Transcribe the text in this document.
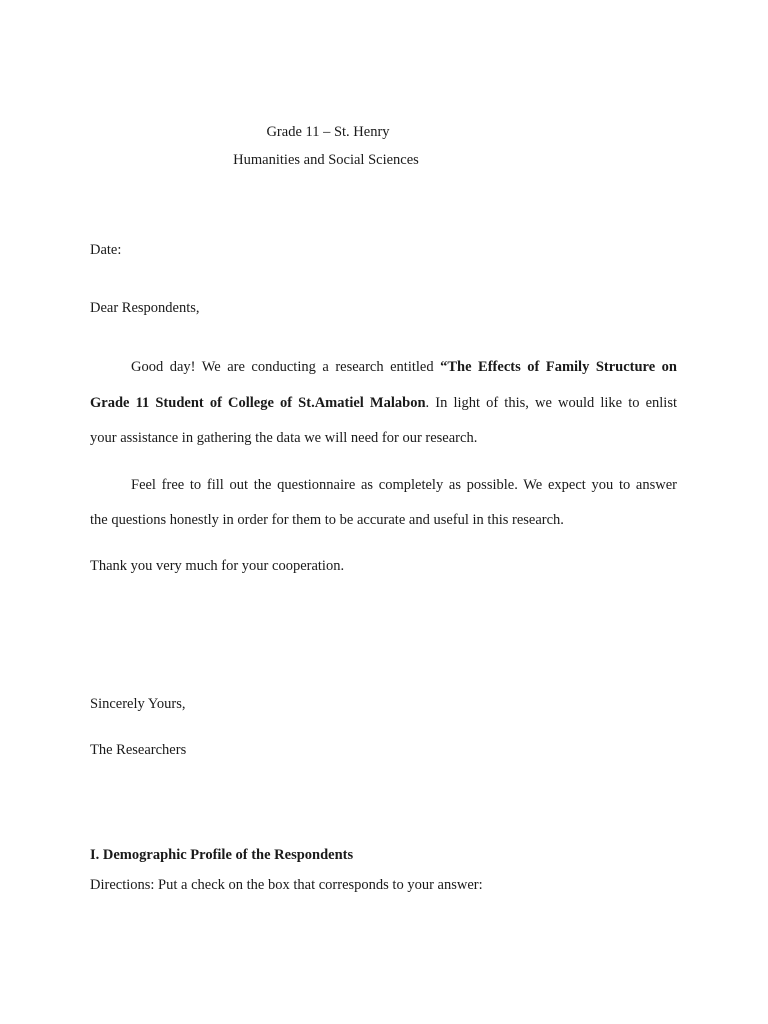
Grade 11 – St. Henry
Humanities and Social Sciences
Date:
Dear Respondents,
Good day! We are conducting a research entitled “The Effects of Family Structure on
Grade 11 Student of College of St.Amatiel Malabon. In light of this, we would like to enlist
your assistance in gathering the data we will need for our research.
Feel free to fill out the questionnaire as completely as possible. We expect you to answer
the questions honestly in order for them to be accurate and useful in this research.
Thank you very much for your cooperation.
Sincerely Yours,
The Researchers
I. Demographic Profile of the Respondents
Directions: Put a check on the box that corresponds to your answer:
